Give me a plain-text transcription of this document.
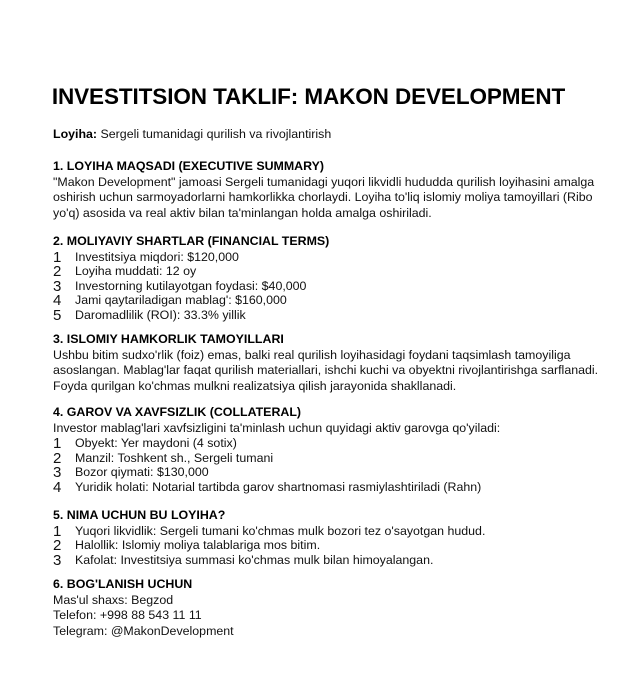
INVESTITSION TAKLIF: MAKON DEVELOPMENT
Loyiha: Sergeli tumanidagi qurilish va rivojlantirish
1. LOYIHA MAQSADI (EXECUTIVE SUMMARY)
"Makon Development" jamoasi Sergeli tumanidagi yuqori likvidli hududda qurilish loyihasini amalga
oshirish uchun sarmoyadorlarni hamkorlikka chorlaydi. Loyiha to'liq islomiy moliya tamoyillari (Ribo
yo'q) asosida va real aktiv bilan ta'minlangan holda amalga oshiriladi.
2. MOLIYAVIY SHARTLAR (FINANCIAL TERMS)
1 Investitsiya miqdori: $120,000
2 Loyiha muddati: 12 oy
3 Investorning kutilayotgan foydasi: $40,000
4 Jami qaytariladigan mablag': $160,000
5 Daromadlilik (ROI): 33.3% yillik
3. ISLOMIY HAMKORLIK TAMOYILLARI
Ushbu bitim sudxo'rlik (foiz) emas, balki real qurilish loyihasidagi foydani taqsimlash tamoyiliga
asoslangan. Mablag'lar faqat qurilish materiallari, ishchi kuchi va obyektni rivojlantirishga sarflanadi.
Foyda qurilgan ko'chmas mulkni realizatsiya qilish jarayonida shakllanadi.
4. GAROV VA XAVFSIZLIK (COLLATERAL)
Investor mablag'lari xavfsizligini ta'minlash uchun quyidagi aktiv garovga qo'yiladi:
1 Obyekt: Yer maydoni (4 sotix)
2 Manzil: Toshkent sh., Sergeli tumani
3 Bozor qiymati: $130,000
4 Yuridik holati: Notarial tartibda garov shartnomasi rasmiylashtiriladi (Rahn)
5. NIMA UCHUN BU LOYIHA?
1 Yuqori likvidlik: Sergeli tumani ko'chmas mulk bozori tez o'sayotgan hudud.
2 Halollik: Islomiy moliya talablariga mos bitim.
3 Kafolat: Investitsiya summasi ko'chmas mulk bilan himoyalangan.
6. BOG'LANISH UCHUN
Mas'ul shaxs: Begzod
Telefon: +998 88 543 11 11
Telegram: @MakonDevelopment
